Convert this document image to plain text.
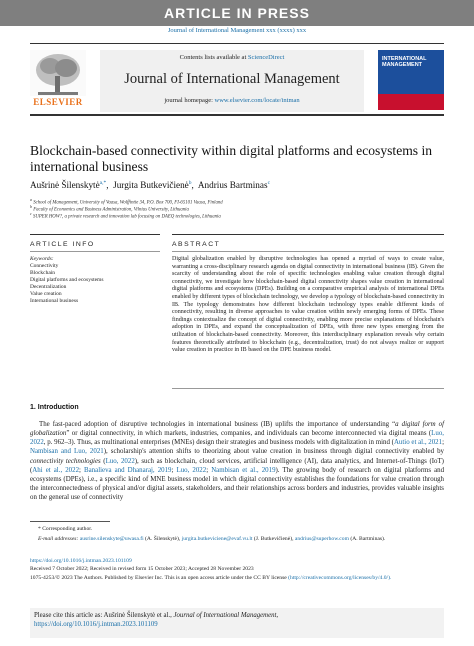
ARTICLE IN PRESS
Journal of International Management xxx (xxxx) xxx
ELSEVIER
Contents lists available at ScienceDirect
Journal of International Management
journal homepage: www.elsevier.com/locate/intman
INTERNATIONAL MANAGEMENT
Blockchain-based connectivity within digital platforms and ecosystems in international business
Aušrinė Šilenskytė$^{a,*}$,  Jurgita Butkevičienė$^b$,  Andrius Bartminas$^c$
$^a$ School of Management, University of Vaasa, Wolffintie 34, P.O. Box 700, FI-65101 Vaasa, Finland
$^b$ Faculty of Economics and Business Administration, Vilnius University, Lithuania
$^c$ SUPER HOW?, a private research and innovation lab focusing on DAEQ technologies, Lithuania
ARTICLE INFO	ABSTRACT
Keywords:
Connectivity
Blockchain
Digital platforms and ecosystems
Decentralization
Value creation
International business
Digital globalization enabled by disruptive technologies has opened a myriad of ways to create value, warranting a cross-disciplinary research agenda on digital connectivity in international business (IB). Given the scarcity of understanding about the role of specific technologies enabling value creation through digital connectivity, we investigate how blockchain-based digital connectivity shapes value creation in international digital platforms and ecosystems (DPEs). Building on a comparative empirical analysis of international DPEs enabled by different types of blockchain technology, we develop a typology of blockchain-based connectivity in IB. The typology demonstrates how different blockchain technology types enable different kinds of connectivity, resulting in diverse approaches to value creation within newly emerging forms of DPEs. These findings contextualize the concept of digital connectivity, enabling more precise explanations of blockchain's adoption in DPEs, and expand the conceptualization of DPEs, with three new types emerging from the utilization of blockchain-based connectivity. Moreover, this interdisciplinary explanation reveals why certain features theoretically attributed to blockchain (e.g., decentralization, trust) do not always realize or support value creation in practice in IB based on the DPE business model.
1. Introduction
The fast-paced adoption of disruptive technologies in international business (IB) uplifts the importance of understanding “a digital form of globalization” or digital connectivity, in which markets, industries, companies, and individuals can become interconnected via digital means (Luo, 2022, p. 962–3). Thus, as multinational enterprises (MNEs) design their strategies and business models with digitalization in mind (Autio et al., 2021; Nambisan and Luo, 2021), scholarship's attention shifts to theorizing about value creation in business through digital connectivity enabled by connectivity technologies (Luo, 2022), such as blockchain, cloud services, artificial intelligence (AI), data analytics, and Internet-of-Things (IoT) (Ahi et al., 2022; Banalieva and Dhanaraj, 2019; Luo, 2022; Nambisan et al., 2019). The growing body of research on digital platforms and ecosystems (DPEs), i.e., a specific kind of MNE business model in which digital connectivity establishes the foundations for value creation through the interconnectedness of physical and/or digital assets, stakeholders, and their relationships across borders and industries, provides valuable insights on the general use of connectivity
* Corresponding author.
E-mail addresses: ausrine.silenskyte@uwasa.fi (A. Šilenskytė), jurgita.butkeviciene@evaf.vu.lt (J. Butkevičienė), andrius@superhow.com (A. Bartminas).
https://doi.org/10.1016/j.intman.2023.101109
Received 7 October 2022; Received in revised form 15 October 2023; Accepted 28 November 2023
1075-4253/© 2023 The Authors. Published by Elsevier Inc. This is an open access article under the CC BY license (http://creativecommons.org/licenses/by/4.0/).
Please cite this article as: Aušrinė Šilenskytė et al., Journal of International Management,
https://doi.org/10.1016/j.intman.2023.101109
